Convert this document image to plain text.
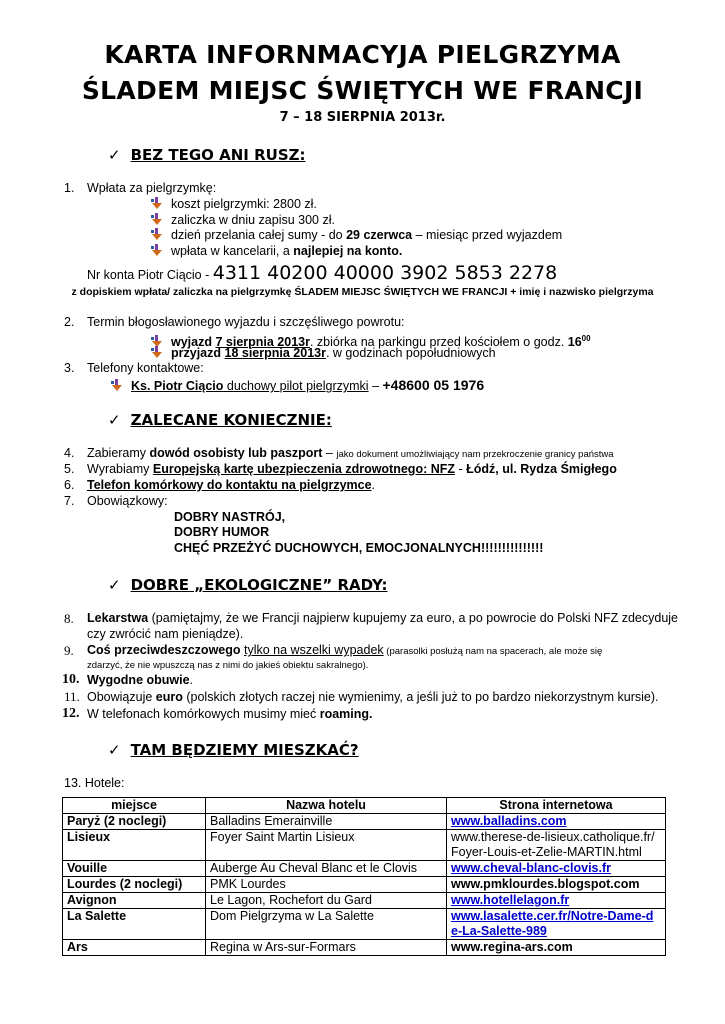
KARTA INFORNMACYJA PIELGRZYMA
ŚLADEM MIEJSC ŚWIĘTYCH WE FRANCJI
7 – 18 SIERPNIA 2013r.
✓ BEZ TEGO ANI RUSZ:
1. Wpłata za pielgrzymkę:
koszt pielgrzymki: 2800 zł.
zaliczka w dniu zapisu 300 zł.
dzień przelania całej sumy - do 29 czerwca – miesiąc przed wyjazdem
wpłata w kancelarii, a najlepiej na konto.
Nr konta Piotr Ciącio - 4311 40200 40000 3902 5853 2278
z dopiskiem wpłata/ zaliczka na pielgrzymkę ŚLADEM MIEJSC ŚWIĘTYCH WE FRANCJI + imię i nazwisko pielgrzyma
2. Termin błogosławionego wyjazdu i szczęśliwego powrotu:
wyjazd 7 sierpnia 2013r. zbiórka na parkingu przed kościołem o godz. $16^{00}$
przyjazd 18 sierpnia 2013r. w godzinach popołudniowych
3. Telefony kontaktowe:
Ks. Piotr Ciącio duchowy pilot pielgrzymki – +48600 05 1976
✓ ZALECANE KONIECZNIE:
4. Zabieramy dowód osobisty lub paszport – jako dokument umożliwiający nam przekroczenie granicy państwa
5. Wyrabiamy Europejską kartę ubezpieczenia zdrowotnego: NFZ - Łódź, ul. Rydza Śmigłego
6. Telefon komórkowy do kontaktu na pielgrzymce.
7. Obowiązkowy:
DOBRY NASTRÓJ,
DOBRY HUMOR
CHĘĆ PRZEŻYĆ DUCHOWYCH, EMOCJONALNYCH!!!!!!!!!!!!!!!
✓ DOBRE „EKOLOGICZNE” RADY:
8. Lekarstwa (pamiętajmy, że we Francji najpierw kupujemy za euro, a po powrocie do Polski NFZ zdecyduje
czy zwrócić nam pieniądze).
9. Coś przeciwdeszczowego tylko na wszelki wypadek (parasolki posłużą nam na spacerach, ale może się
zdarzyć, że nie wpuszczą nas z nimi do jakieś obiektu sakralnego).
10. Wygodne obuwie.
11. Obowiązuje euro (polskich złotych raczej nie wymienimy, a jeśli już to po bardzo niekorzystnym kursie).
12. W telefonach komórkowych musimy mieć roaming.
✓ TAM BĘDZIEMY MIESZKAĆ?
13. Hotele:
miejsce	Nazwa hotelu	Strona internetowa
Paryż (2 noclegi)	Balladins Emerainville	www.balladins.com
Lisieux	Foyer Saint Martin Lisieux	www.therese-de-lisieux.catholique.fr/Foyer-Louis-et-Zelie-MARTIN.html

Vouille	Auberge Au Cheval Blanc et le Clovis	www.cheval-blanc-clovis.fr
Lourdes (2 noclegi)	PMK Lourdes	www.pmklourdes.blogspot.com
Avignon	Le Lagon, Rochefort du Gard	www.hotellelagon.fr
La Salette	Dom Pielgrzyma w La Salette	www.lasalette.cer.fr/Notre-Dame-de-La-Salette-989

Ars	Regina w Ars-sur-Formars	www.regina-ars.com
